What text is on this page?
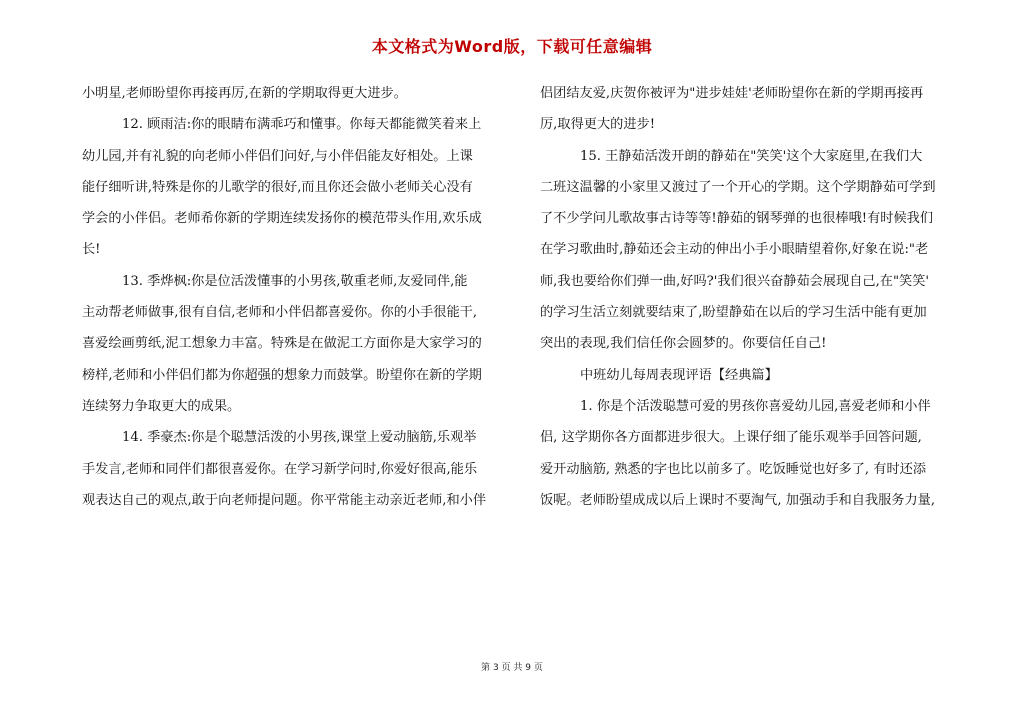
本文格式为Word版，下载可任意编辑

小明星,老师盼望你再接再厉,在新的学期取得更大进步。
12. 顾雨洁:你的眼睛布满乖巧和懂事。你每天都能微笑着来上
幼儿园,并有礼貌的向老师小伴侣们问好,与小伴侣能友好相处。上课
能仔细听讲,特殊是你的儿歌学的很好,而且你还会做小老师关心没有
学会的小伴侣。老师希你新的学期连续发扬你的模范带头作用,欢乐成
长!
13. 季烨枫:你是位活泼懂事的小男孩,敬重老师,友爱同伴,能
主动帮老师做事,很有自信,老师和小伴侣都喜爱你。你的小手很能干,
喜爱绘画剪纸,泥工想象力丰富。特殊是在做泥工方面你是大家学习的
榜样,老师和小伴侣们都为你超强的想象力而鼓掌。盼望你在新的学期
连续努力争取更大的成果。
14. 季豪杰:你是个聪慧活泼的小男孩,课堂上爱动脑筋,乐观举
手发言,老师和同伴们都很喜爱你。在学习新学问时,你爱好很高,能乐
观表达自己的观点,敢于向老师提问题。你平常能主动亲近老师,和小伴

侣团结友爱,庆贺你被评为"进步娃娃'老师盼望你在新的学期再接再
厉,取得更大的进步!
15. 王静茹活泼开朗的静茹在"笑笑'这个大家庭里,在我们大
二班这温馨的小家里又渡过了一个开心的学期。这个学期静茹可学到
了不少学问儿歌故事古诗等等!静茹的钢琴弹的也很棒哦!有时候我们
在学习歌曲时,静茹还会主动的伸出小手小眼睛望着你,好象在说:"老
师,我也要给你们弹一曲,好吗?'我们很兴奋静茹会展现自己,在"笑笑'
的学习生活立刻就要结束了,盼望静茹在以后的学习生活中能有更加
突出的表现,我们信任你会圆梦的。你要信任自己!
中班幼儿每周表现评语【经典篇】
1. 你是个活泼聪慧可爱的男孩你喜爱幼儿园,喜爱老师和小伴
侣, 这学期你各方面都进步很大。上课仔细了能乐观举手回答问题,
爱开动脑筋, 熟悉的字也比以前多了。吃饭睡觉也好多了, 有时还添
饭呢。老师盼望成成以后上课时不要淘气, 加强动手和自我服务力量,

第 3 页 共 9 页
